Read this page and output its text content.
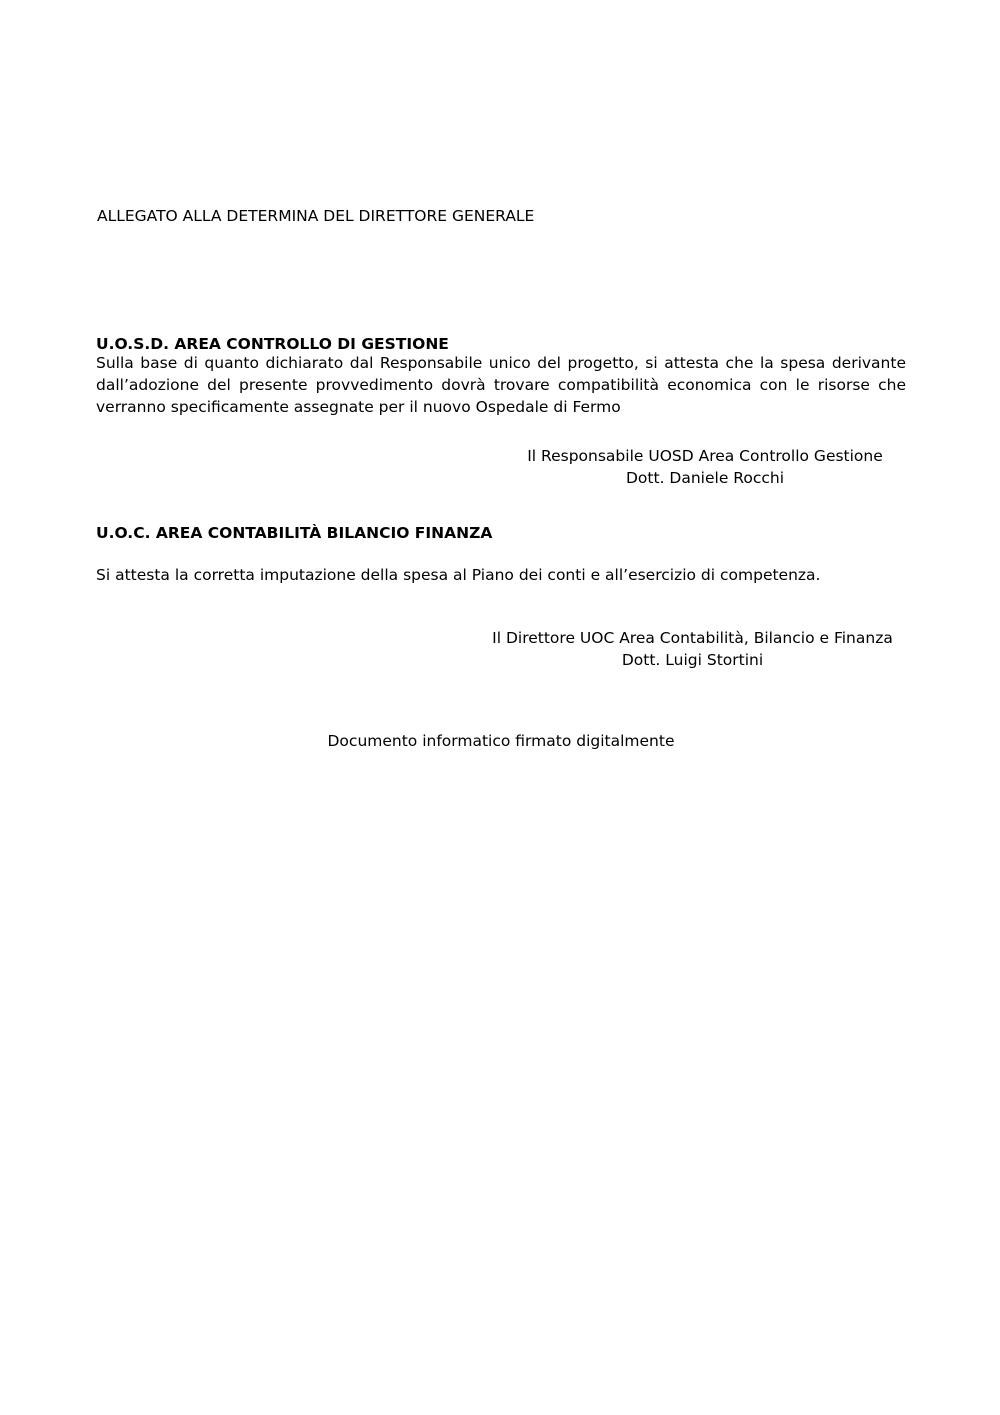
ALLEGATO ALLA DETERMINA DEL DIRETTORE GENERALE
U.O.S.D. AREA CONTROLLO DI GESTIONE
Sulla base di quanto dichiarato dal Responsabile unico del progetto, si attesta che la spesa derivante dall’adozione del presente provvedimento dovrà trovare compatibilità economica con le risorse che verranno specificamente assegnate per il nuovo Ospedale di Fermo
Il Responsabile UOSD Area Controllo Gestione
Dott. Daniele Rocchi
U.O.C. AREA CONTABILITÀ BILANCIO FINANZA
Si attesta la corretta imputazione della spesa al Piano dei conti e all’esercizio di competenza.
Il Direttore UOC Area Contabilità, Bilancio e Finanza
Dott. Luigi Stortini
Documento informatico firmato digitalmente
